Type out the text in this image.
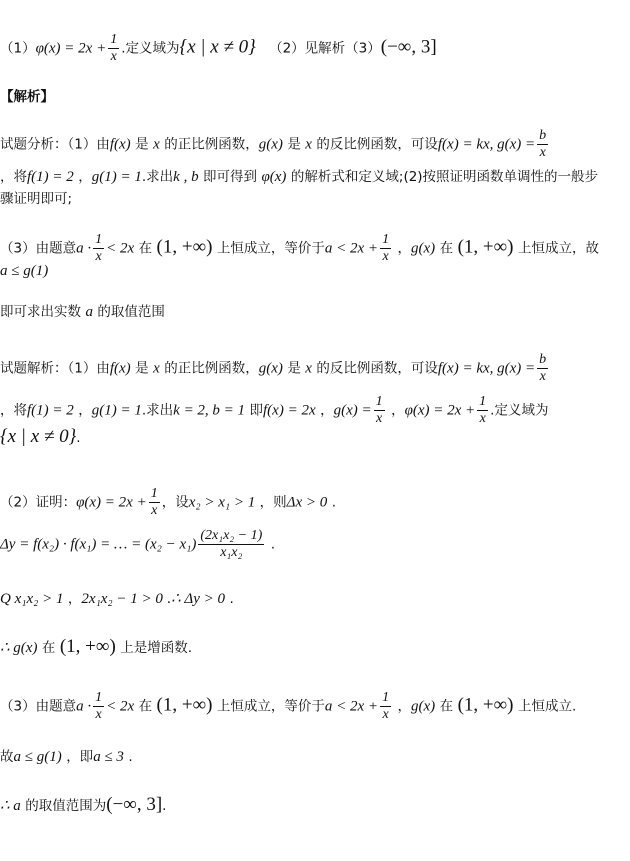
$(1)\varphi(x) = 2x + \frac{1}{x}$ .定义域为{x | x ≠ 0} （2）见解析（3）(−∞, 3]
【解析】
试题分析：（1）由f(x) 是 x 的正比例函数，g(x) 是 x 的反比例函数，可设f(x) = kx, $g(x) = \frac{b}{x}$
，将f(1) = 2 ，g(1) = 1.求出k , b 即可得到 φ(x) 的解析式和定义域;(2)按照证明函数单调性的一般步
骤证明即可;
（3）由题意$a \cdot \frac{1}{x} < 2x$ 在 (1, +∞) 上恒成立，等价于$a < 2x + \frac{1}{x}$ ，g(x) 在 (1, +∞) 上恒成立，故
a ≤ g(1)
即可求出实数 a 的取值范围
试题解析：（1）由f(x) 是 x 的正比例函数，g(x) 是 x 的反比例函数，可设f(x) = kx, $g(x) = \frac{b}{x}$
，将f(1) = 2 ，g(1) = 1.求出k = 2, b = 1 即f(x) = 2x ，$g(x) = \frac{1}{x}$ ，$\varphi(x) = 2x + \frac{1}{x}$ .定义域为
{x | x ≠ 0}.
（2）证明：$\varphi(x) = 2x + \frac{1}{x}$ ，设x₂ > x₁ > 1 ，则Δx > 0 .
Δy = f(x₂) · f(x₁) = … = $(x_2 - x_1) \frac{\text{(2x₁x₂ − 1)}}{\text{x₁x₂}}$ .
Q x₁x₂ > 1 ，2x₁x₂ − 1 > 0 .∴ Δy > 0 .
∴ g(x) 在 (1, +∞) 上是增函数.
（3）由题意$a \cdot \frac{1}{x} < 2x$ 在 (1, +∞) 上恒成立，等价于$a < 2x + \frac{1}{x}$ ，g(x) 在 (1, +∞) 上恒成立.
故a ≤ g(1) ，即a ≤ 3 .
∴ a 的取值范围为(−∞, 3].
